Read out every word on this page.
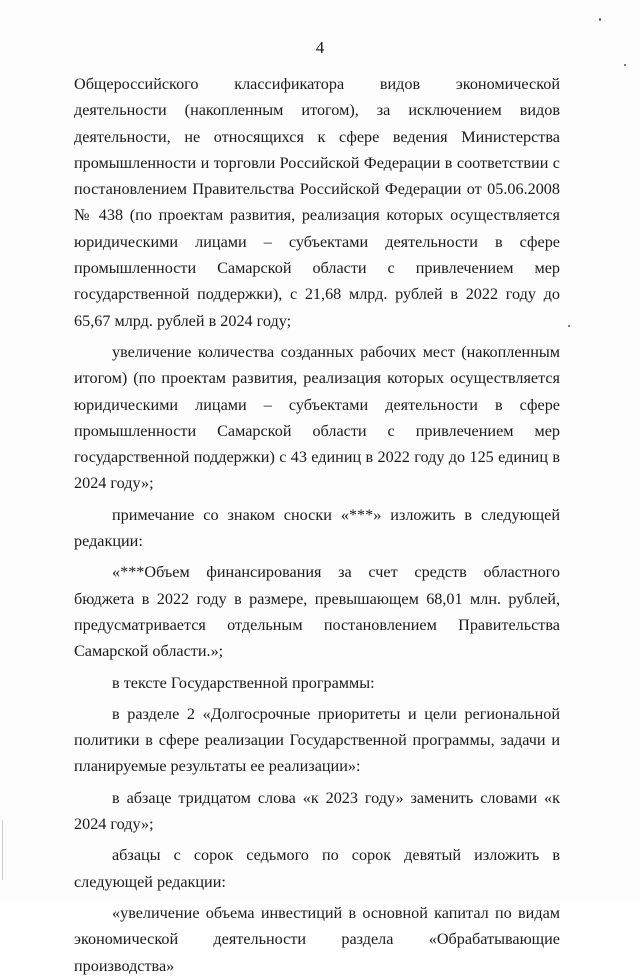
4

Общероссийского классификатора видов экономической деятельности (накопленным итогом), за исключением видов деятельности, не относящихся к сфере ведения Министерства промышленности и торговли Российской Федерации в соответствии с постановлением Правительства Российской Федерации от 05.06.2008 № 438 (по проектам развития, реализация которых осуществляется юридическими лицами – субъектами деятельности в сфере промышленности Самарской области с привлечением мер государственной поддержки), с 21,68 млрд. рублей в 2022 году до 65,67 млрд. рублей в 2024 году;

увеличение количества созданных рабочих мест (накопленным итогом) (по проектам развития, реализация которых осуществляется юридическими лицами – субъектами деятельности в сфере промышленности Самарской области с привлечением мер государственной поддержки) с 43 единиц в 2022 году до 125 единиц в 2024 году»;

примечание со знаком сноски «***» изложить в следующей редакции:

«***Объем финансирования за счет средств областного бюджета в 2022 году в размере, превышающем 68,01 млн. рублей, предусматривается отдельным постановлением Правительства Самарской области.»;

в тексте Государственной программы:

в разделе 2 «Долгосрочные приоритеты и цели региональной политики в сфере реализации Государственной программы, задачи и планируемые результаты ее реализации»:

в абзаце тридцатом слова «к 2023 году» заменить словами «к 2024 году»;

абзацы с сорок седьмого по сорок девятый изложить в следующей редакции:

«увеличение объема инвестиций в основной капитал по видам экономической деятельности раздела «Обрабатывающие производства»
